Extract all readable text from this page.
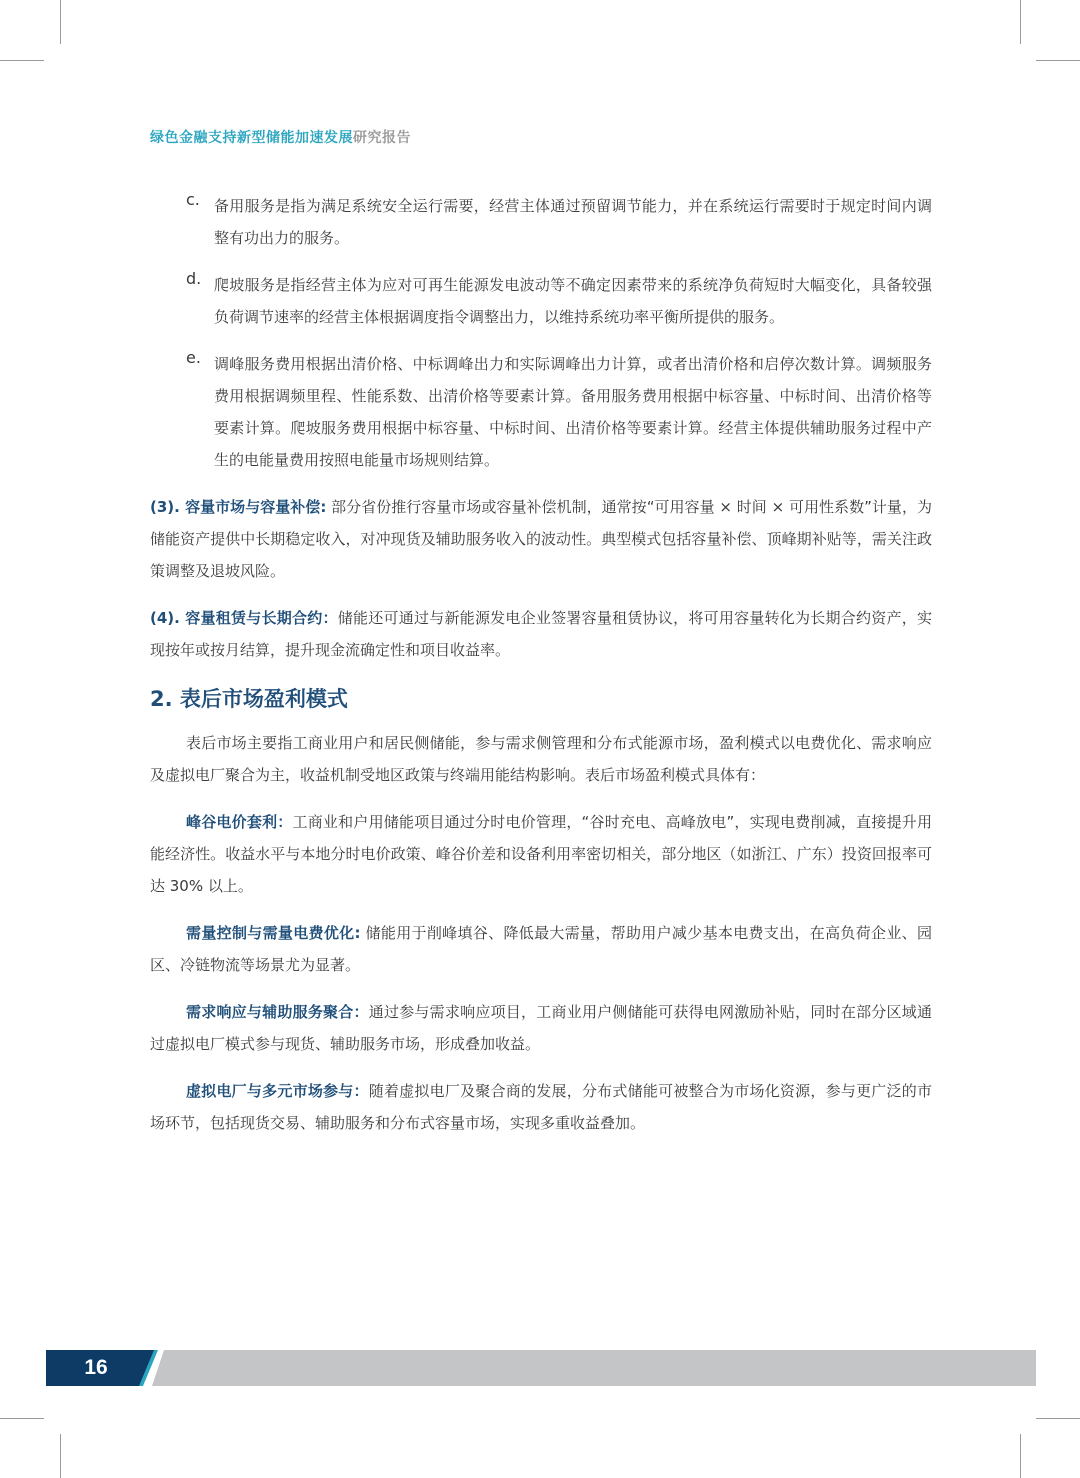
绿色金融支持新型储能加速发展研究报告
c. 备用服务是指为满足系统安全运行需要，经营主体通过预留调节能力，并在系统运行需要时于规定时间内调整有功出力的服务。

d. 爬坡服务是指经营主体为应对可再生能源发电波动等不确定因素带来的系统净负荷短时大幅变化，具备较强负荷调节速率的经营主体根据调度指令调整出力，以维持系统功率平衡所提供的服务。

e. 调峰服务费用根据出清价格、中标调峰出力和实际调峰出力计算，或者出清价格和启停次数计算。调频服务费用根据调频里程、性能系数、出清价格等要素计算。备用服务费用根据中标容量、中标时间、出清价格等要素计算。爬坡服务费用根据中标容量、中标时间、出清价格等要素计算。经营主体提供辅助服务过程中产生的电能量费用按照电能量市场规则结算。

(3). 容量市场与容量补偿: 部分省份推行容量市场或容量补偿机制，通常按“可用容量 × 时间 × 可用性系数”计量，为储能资产提供中长期稳定收入，对冲现货及辅助服务收入的波动性。典型模式包括容量补偿、顶峰期补贴等，需关注政策调整及退坡风险。

(4). 容量租赁与长期合约：储能还可通过与新能源发电企业签署容量租赁协议，将可用容量转化为长期合约资产，实现按年或按月结算，提升现金流确定性和项目收益率。

2. 表后市场盈利模式

表后市场主要指工商业用户和居民侧储能，参与需求侧管理和分布式能源市场，盈利模式以电费优化、需求响应及虚拟电厂聚合为主，收益机制受地区政策与终端用能结构影响。表后市场盈利模式具体有：

峰谷电价套利：工商业和户用储能项目通过分时电价管理，“谷时充电、高峰放电”，实现电费削减，直接提升用能经济性。收益水平与本地分时电价政策、峰谷价差和设备利用率密切相关，部分地区（如浙江、广东）投资回报率可达 30% 以上。

需量控制与需量电费优化: 储能用于削峰填谷、降低最大需量，帮助用户减少基本电费支出，在高负荷企业、园区、冷链物流等场景尤为显著。

需求响应与辅助服务聚合：通过参与需求响应项目，工商业用户侧储能可获得电网激励补贴，同时在部分区域通过虚拟电厂模式参与现货、辅助服务市场，形成叠加收益。

虚拟电厂与多元市场参与：随着虚拟电厂及聚合商的发展，分布式储能可被整合为市场化资源，参与更广泛的市场环节，包括现货交易、辅助服务和分布式容量市场，实现多重收益叠加。

16
